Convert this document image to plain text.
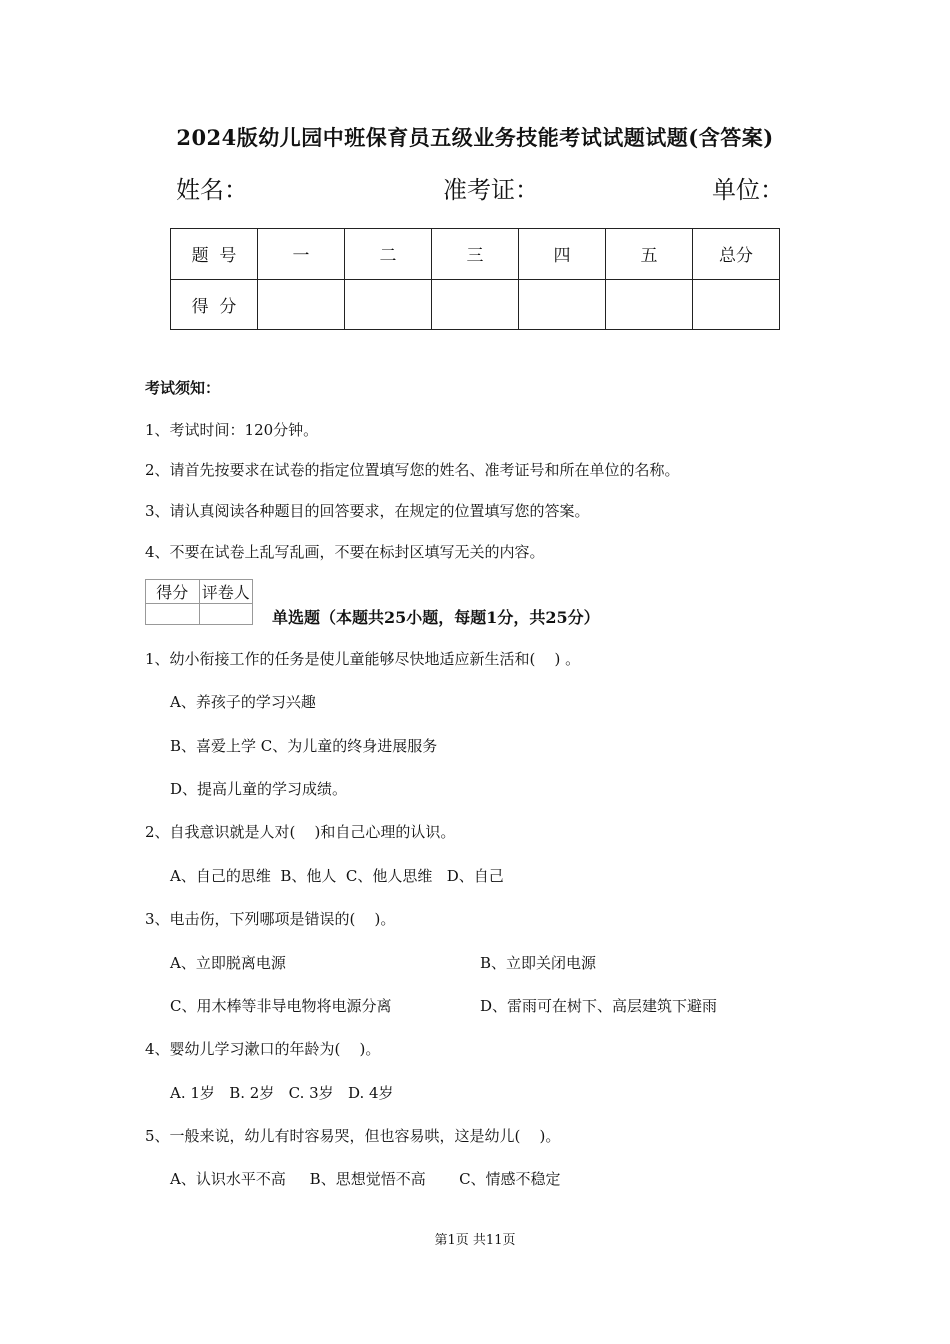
2024版幼儿园中班保育员五级业务技能考试试题试题(含答案)
姓名：	准考证：	单位：
题  号	一	二	三	四	五	总分
得  分						
考试须知：
1、考试时间：120分钟。
2、请首先按要求在试卷的指定位置填写您的姓名、准考证号和所在单位的名称。
3、请认真阅读各种题目的回答要求，在规定的位置填写您的答案。
4、不要在试卷上乱写乱画，不要在标封区填写无关的内容。
得分	评卷人

单选题（本题共25小题，每题1分，共25分）
1、幼小衔接工作的任务是使儿童能够尽快地适应新生活和(    ) 。
A、养孩子的学习兴趣
B、喜爱上学 C、为儿童的终身进展服务
D、提高儿童的学习成绩。
2、自我意识就是人对(    )和自己心理的认识。
A、自己的思维  B、他人  C、他人思维   D、自己
3、电击伤，下列哪项是错误的(    )。
A、立即脱离电源	B、立即关闭电源
C、用木棒等非导电物将电源分离	D、雷雨可在树下、高层建筑下避雨
4、婴幼儿学习漱口的年龄为(    )。
A. 1岁   B. 2岁   C. 3岁   D. 4岁
5、一般来说，幼儿有时容易哭，但也容易哄，这是幼儿(    )。
A、认识水平不高     B、思想觉悟不高       C、情感不稳定
第1页 共11页
